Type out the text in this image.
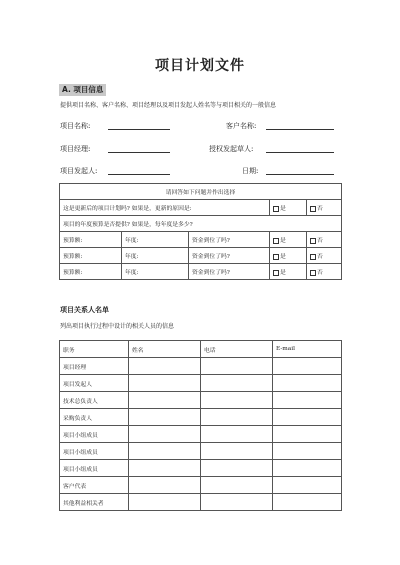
项目计划文件
A. 项目信息
提供项目名称、客户名称、项目经理以及项目发起人姓名等与项目相关的一般信息
项目名称:	客户名称:
项目经理:	授权发起草人:
项目发起人:	日期:
请回答如下问题并作出选择				
这是更新后的项目计划吗? 如果是，更新的原因是:			是	否
项目的年度预算是否提供? 如果是，每年度是多少?				
预算额:	年度:	资金到位了吗?	是	否
预算额:	年度:	资金到位了吗?	是	否
预算额:	年度:	资金到位了吗?	是	否
项目关系人名单
列出项目执行过程中设计的相关人员的信息
职务	姓名	电话	E-mail
项目经理			
项目发起人			
技术总负责人			
采购负责人			
项目小组成员			
项目小组成员			
项目小组成员			
客户代表			
其他利益相关者			
